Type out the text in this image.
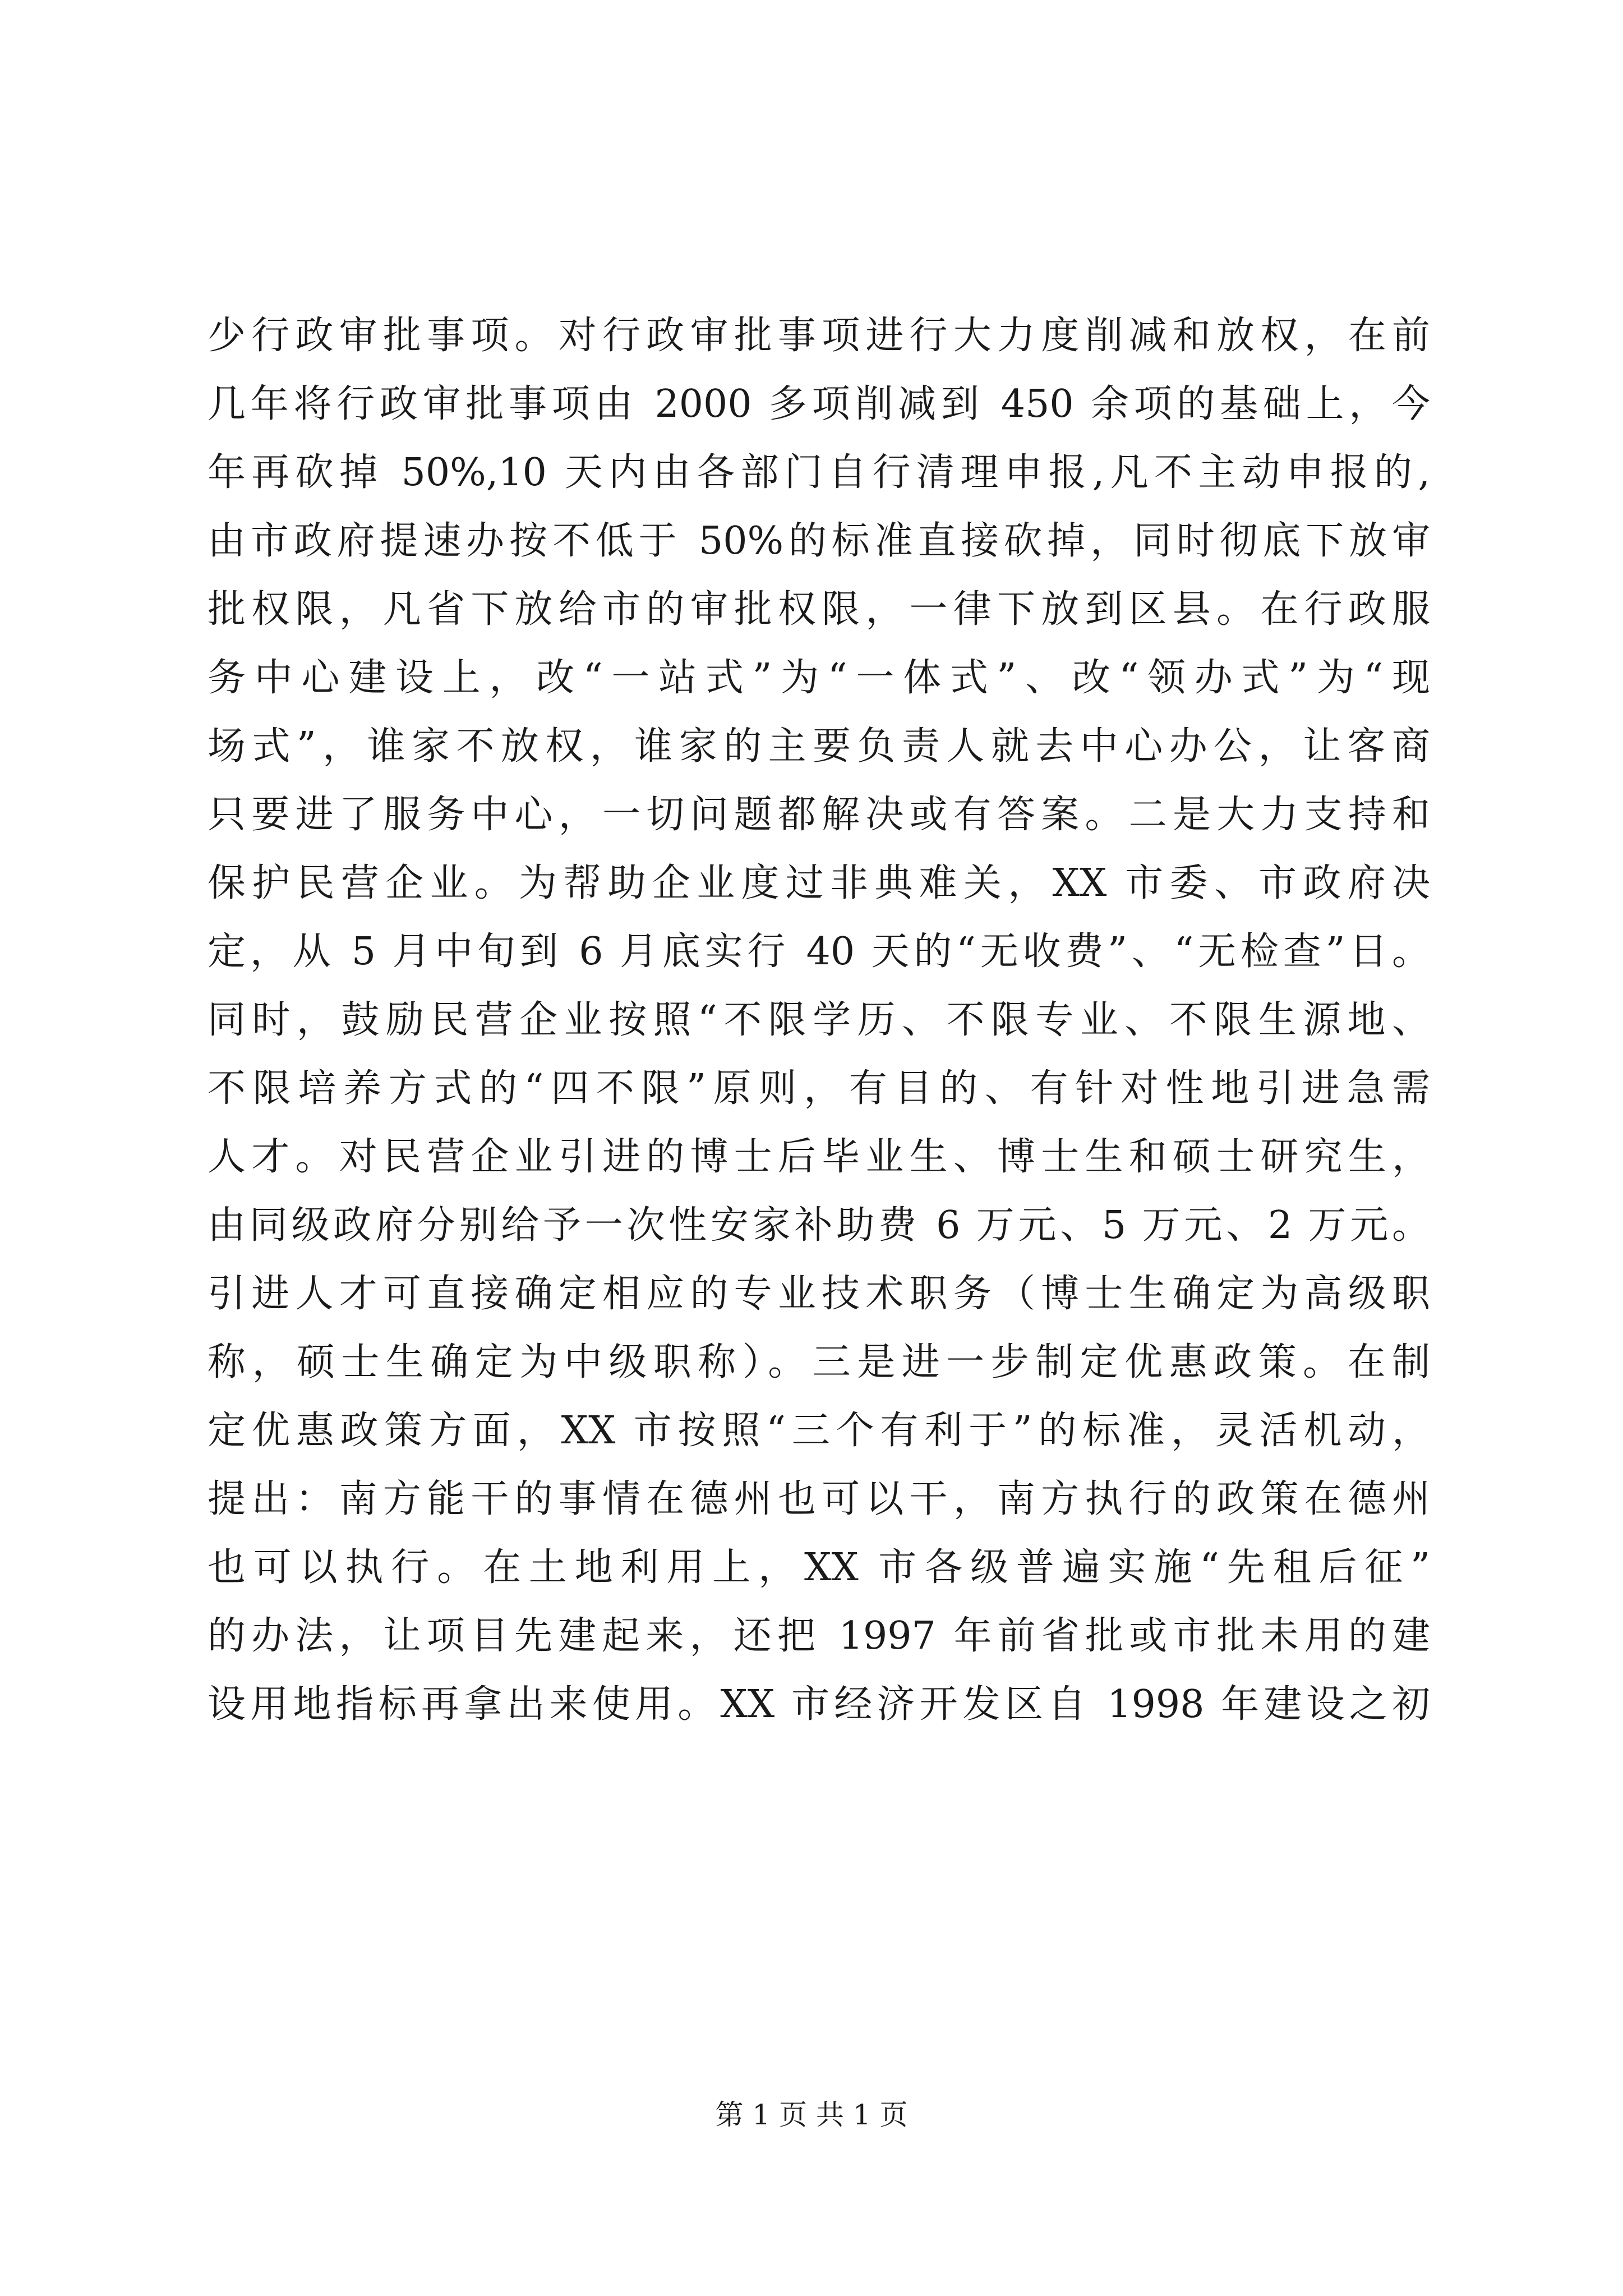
少行政审批事项。对行政审批事项进行大力度削减和放权，在前
几年将行政审批事项由 2000 多项削减到 450 余项的基础上，今
年再砍掉 50%,10 天内由各部门自行清理申报,凡不主动申报的,
由市政府提速办按不低于 50%的标准直接砍掉，同时彻底下放审
批权限，凡省下放给市的审批权限，一律下放到区县。在行政服
务中心建设上，改“一站式”为“一体式”、改“领办式”为“现
场式”，谁家不放权，谁家的主要负责人就去中心办公，让客商
只要进了服务中心，一切问题都解决或有答案。二是大力支持和
保护民营企业。为帮助企业度过非典难关，XX 市委、市政府决
定，从 5 月中旬到 6 月底实行 40 天的“无收费”、“无检查”日。
同时，鼓励民营企业按照“不限学历、不限专业、不限生源地、
不限培养方式的“四不限”原则，有目的、有针对性地引进急需
人才。对民营企业引进的博士后毕业生、博士生和硕士研究生，
由同级政府分别给予一次性安家补助费 6 万元、5 万元、2 万元。
引进人才可直接确定相应的专业技术职务（博士生确定为高级职
称，硕士生确定为中级职称）。三是进一步制定优惠政策。在制
定优惠政策方面，XX 市按照“三个有利于”的标准，灵活机动，
提出：南方能干的事情在德州也可以干，南方执行的政策在德州
也可以执行。在土地利用上，XX 市各级普遍实施“先租后征”
的办法，让项目先建起来，还把 1997 年前省批或市批未用的建
设用地指标再拿出来使用。XX 市经济开发区自 1998 年建设之初
第 1 页 共 1 页
